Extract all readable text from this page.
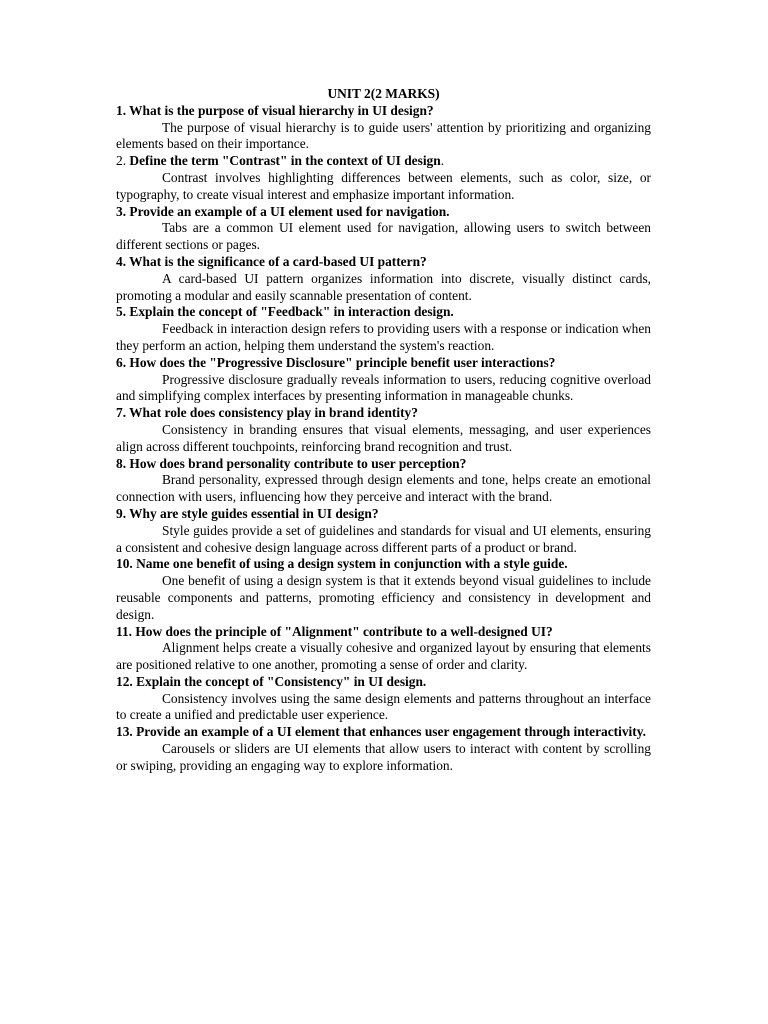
UNIT 2(2 MARKS)

1. What is the purpose of visual hierarchy in UI design?

The purpose of visual hierarchy is to guide users' attention by prioritizing and organizing elements based on their importance.

2. Define the term "Contrast" in the context of UI design.

Contrast involves highlighting differences between elements, such as color, size, or typography, to create visual interest and emphasize important information.

3. Provide an example of a UI element used for navigation.

Tabs are a common UI element used for navigation, allowing users to switch between different sections or pages.

4. What is the significance of a card-based UI pattern?

A card-based UI pattern organizes information into discrete, visually distinct cards, promoting a modular and easily scannable presentation of content.

5. Explain the concept of "Feedback" in interaction design.

Feedback in interaction design refers to providing users with a response or indication when they perform an action, helping them understand the system's reaction.

6. How does the "Progressive Disclosure" principle benefit user interactions?

Progressive disclosure gradually reveals information to users, reducing cognitive overload and simplifying complex interfaces by presenting information in manageable chunks.

7. What role does consistency play in brand identity?

Consistency in branding ensures that visual elements, messaging, and user experiences align across different touchpoints, reinforcing brand recognition and trust.

8. How does brand personality contribute to user perception?

Brand personality, expressed through design elements and tone, helps create an emotional connection with users, influencing how they perceive and interact with the brand.

9. Why are style guides essential in UI design?

Style guides provide a set of guidelines and standards for visual and UI elements, ensuring a consistent and cohesive design language across different parts of a product or brand.

10. Name one benefit of using a design system in conjunction with a style guide.

One benefit of using a design system is that it extends beyond visual guidelines to include reusable components and patterns, promoting efficiency and consistency in development and design.

11. How does the principle of "Alignment" contribute to a well-designed UI?

Alignment helps create a visually cohesive and organized layout by ensuring that elements are positioned relative to one another, promoting a sense of order and clarity.

12. Explain the concept of "Consistency" in UI design.

Consistency involves using the same design elements and patterns throughout an interface to create a unified and predictable user experience.

13. Provide an example of a UI element that enhances user engagement through interactivity.

Carousels or sliders are UI elements that allow users to interact with content by scrolling or swiping, providing an engaging way to explore information.
